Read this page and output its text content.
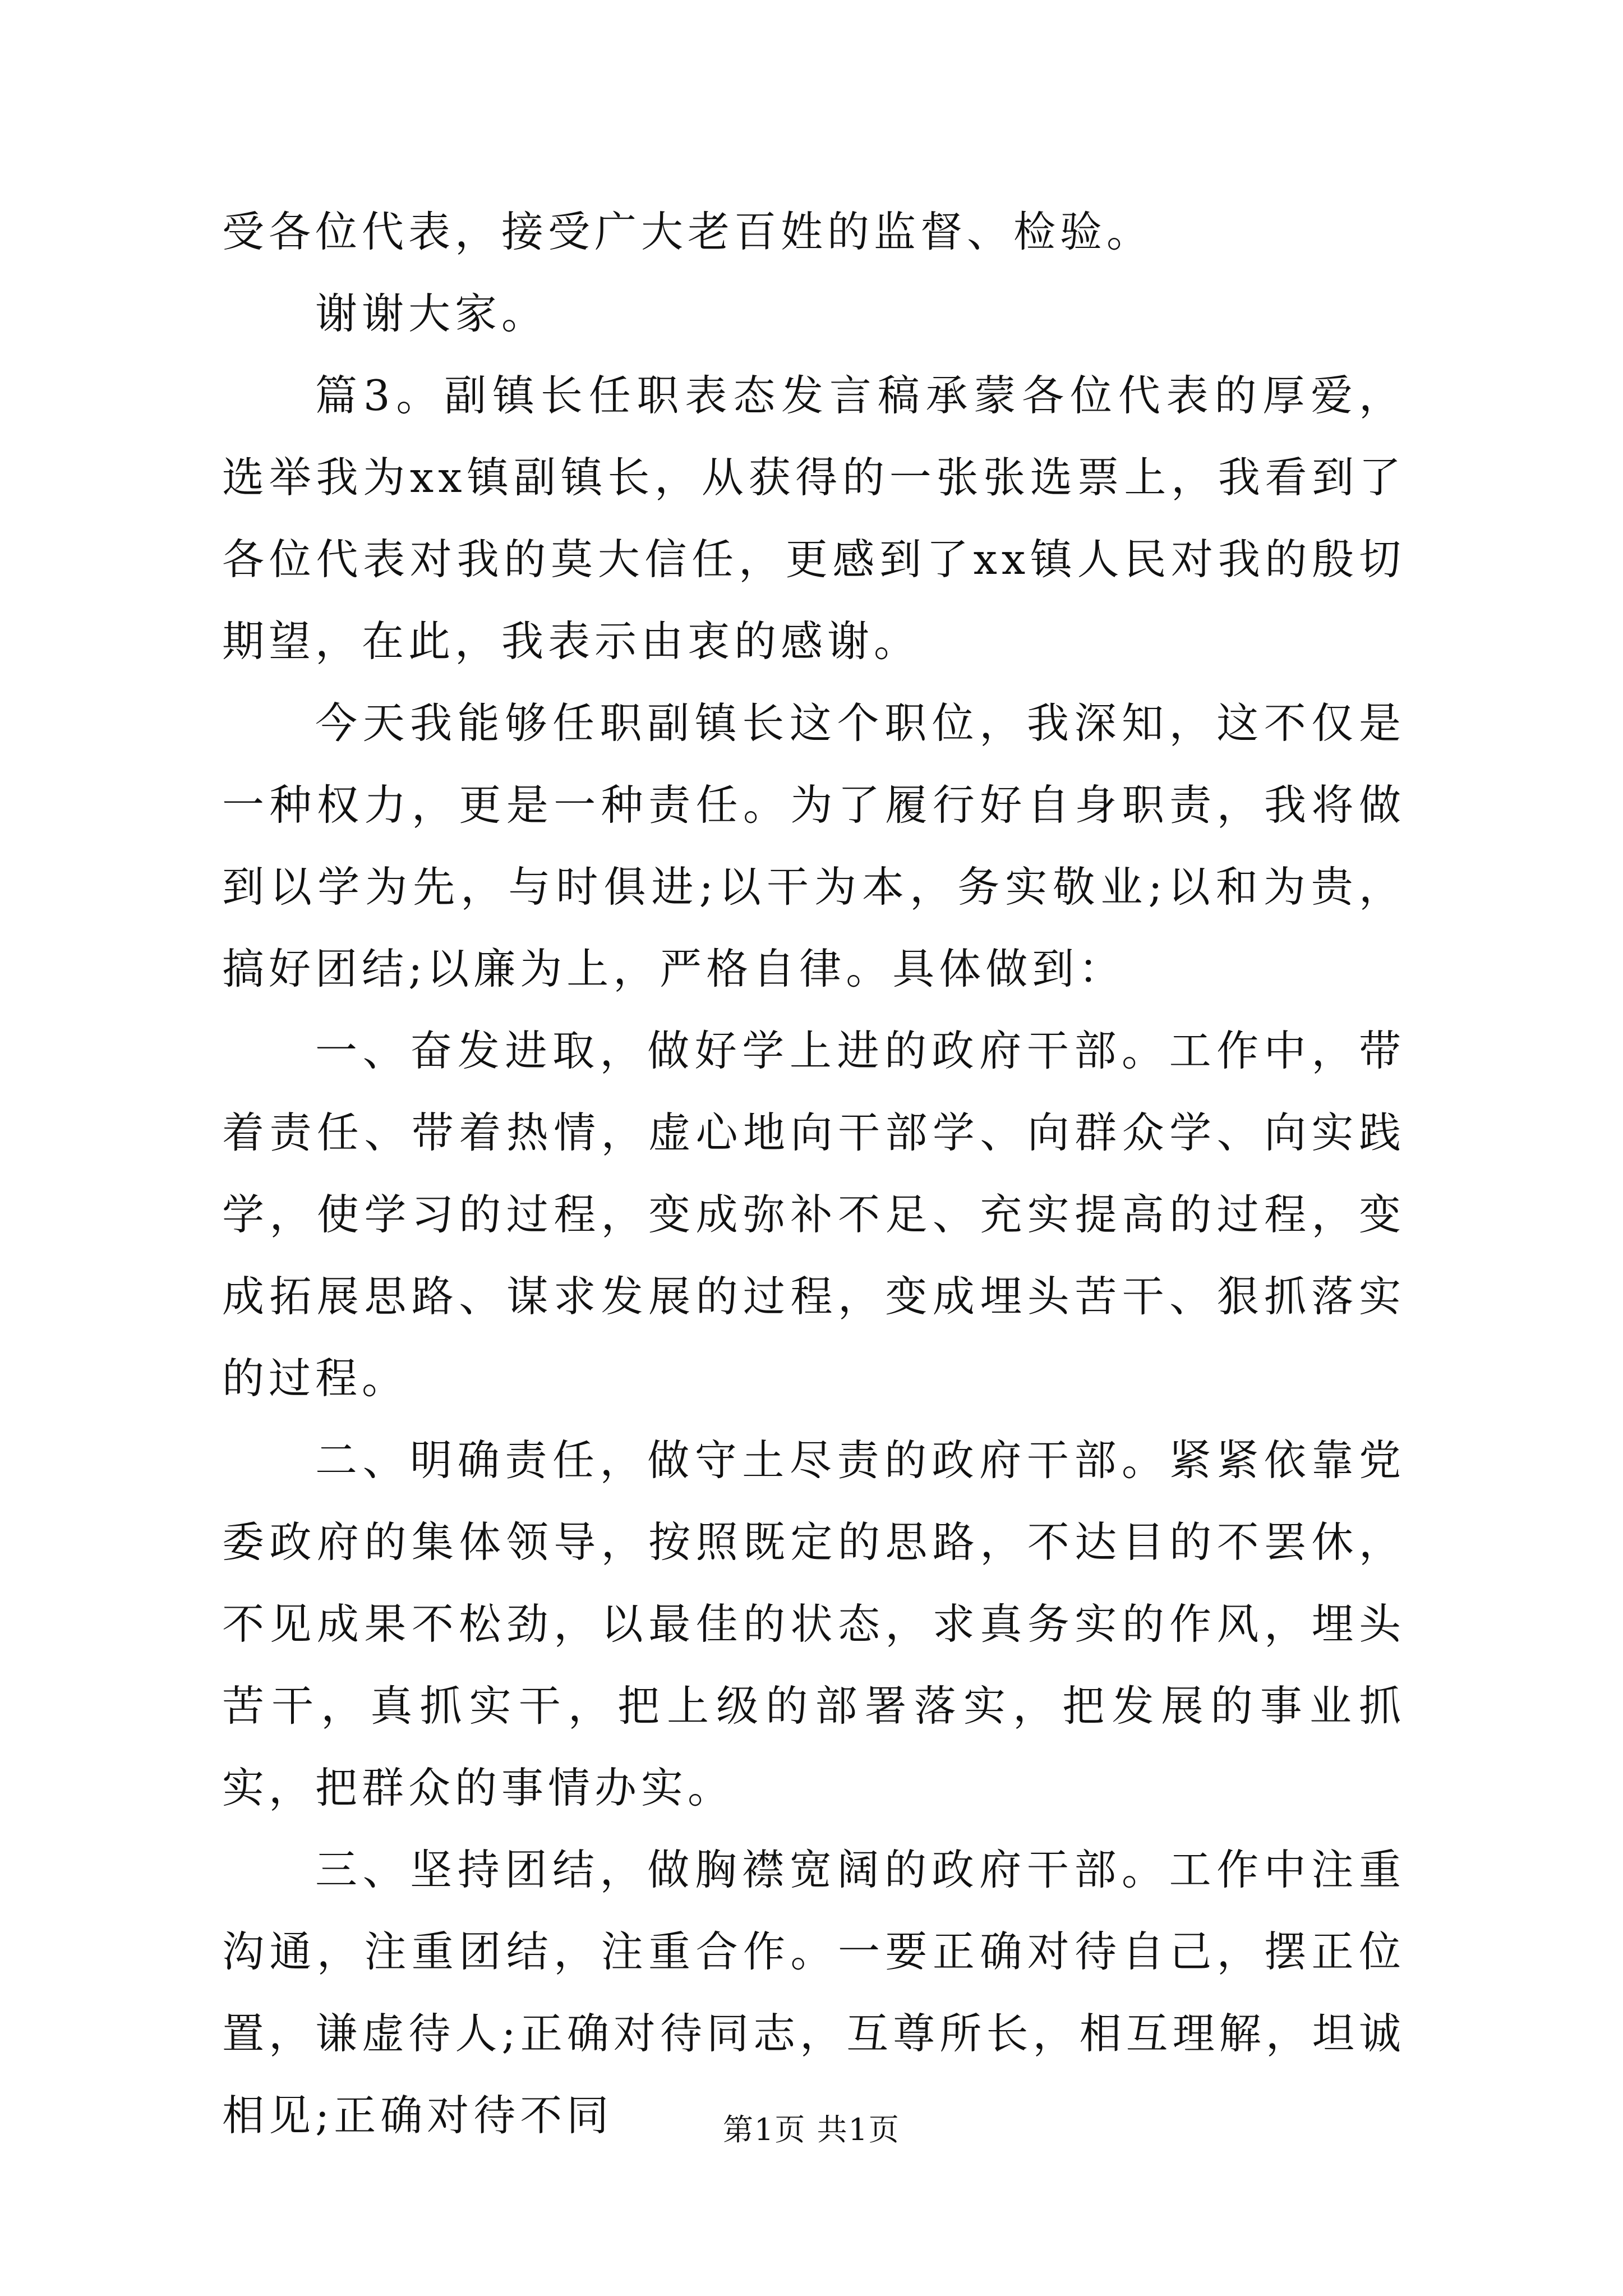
受各位代表，接受广大老百姓的监督、检验。

谢谢大家。

篇3。副镇长任职表态发言稿承蒙各位代表的厚爱，选举我为xx镇副镇长，从获得的一张张选票上，我看到了各位代表对我的莫大信任，更感到了xx镇人民对我的殷切期望，在此，我表示由衷的感谢。

今天我能够任职副镇长这个职位，我深知，这不仅是一种权力，更是一种责任。为了履行好自身职责，我将做到以学为先，与时俱进;以干为本，务实敬业;以和为贵，搞好团结;以廉为上，严格自律。具体做到：

一、奋发进取，做好学上进的政府干部。工作中，带着责任、带着热情，虚心地向干部学、向群众学、向实践学，使学习的过程，变成弥补不足、充实提高的过程，变成拓展思路、谋求发展的过程，变成埋头苦干、狠抓落实的过程。

二、明确责任，做守土尽责的政府干部。紧紧依靠党委政府的集体领导，按照既定的思路，不达目的不罢休，不见成果不松劲，以最佳的状态，求真务实的作风，埋头苦干，真抓实干，把上级的部署落实，把发展的事业抓实，把群众的事情办实。

三、坚持团结，做胸襟宽阔的政府干部。工作中注重沟通，注重团结，注重合作。一要正确对待自己，摆正位置，谦虚待人;正确对待同志，互尊所长，相互理解，坦诚相见;正确对待不同	第1页 共1页
